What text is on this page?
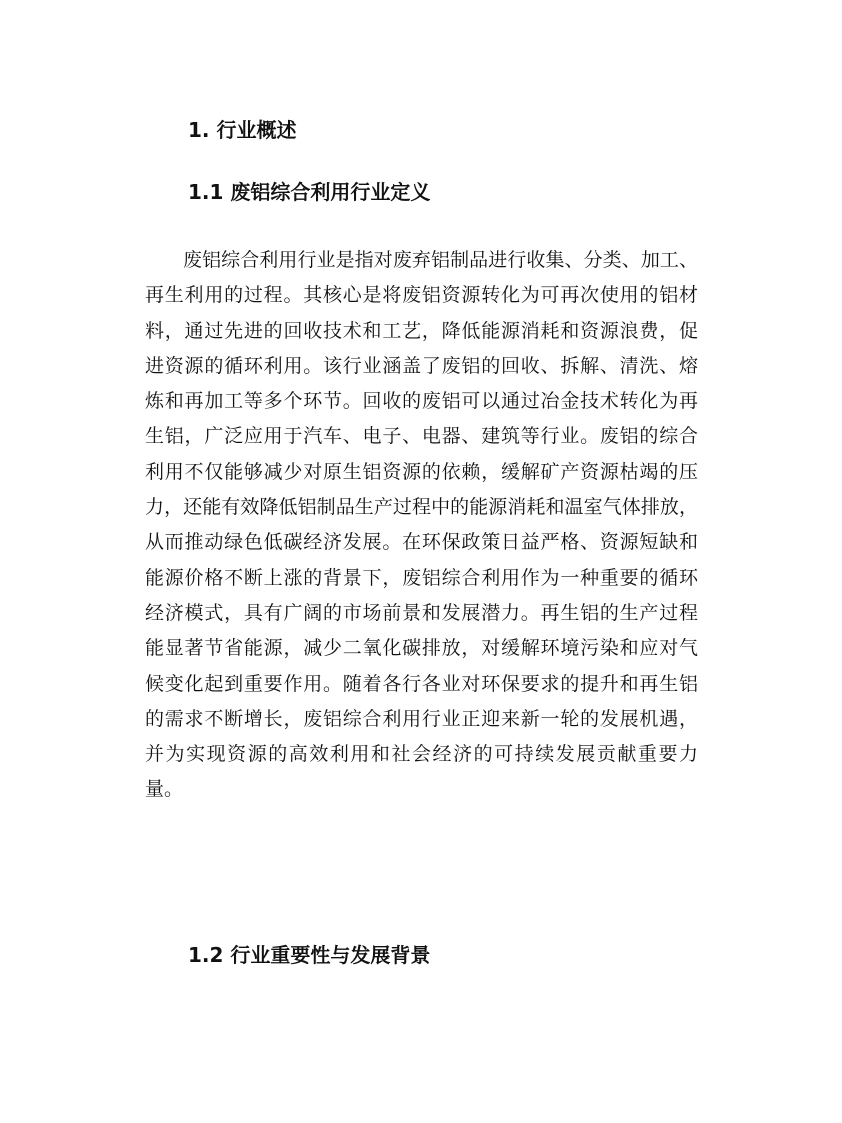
1. 行业概述
1.1 废铝综合利用行业定义
废铝综合利用行业是指对废弃铝制品进行收集、分类、加工、
再生利用的过程。其核心是将废铝资源转化为可再次使用的铝材
料，通过先进的回收技术和工艺，降低能源消耗和资源浪费，促
进资源的循环利用。该行业涵盖了废铝的回收、拆解、清洗、熔
炼和再加工等多个环节。回收的废铝可以通过冶金技术转化为再
生铝，广泛应用于汽车、电子、电器、建筑等行业。废铝的综合
利用不仅能够减少对原生铝资源的依赖，缓解矿产资源枯竭的压
力，还能有效降低铝制品生产过程中的能源消耗和温室气体排放，
从而推动绿色低碳经济发展。在环保政策日益严格、资源短缺和
能源价格不断上涨的背景下，废铝综合利用作为一种重要的循环
经济模式，具有广阔的市场前景和发展潜力。再生铝的生产过程
能显著节省能源，减少二氧化碳排放，对缓解环境污染和应对气
候变化起到重要作用。随着各行各业对环保要求的提升和再生铝
的需求不断增长，废铝综合利用行业正迎来新一轮的发展机遇，
并为实现资源的高效利用和社会经济的可持续发展贡献重要力
量。
1.2 行业重要性与发展背景
